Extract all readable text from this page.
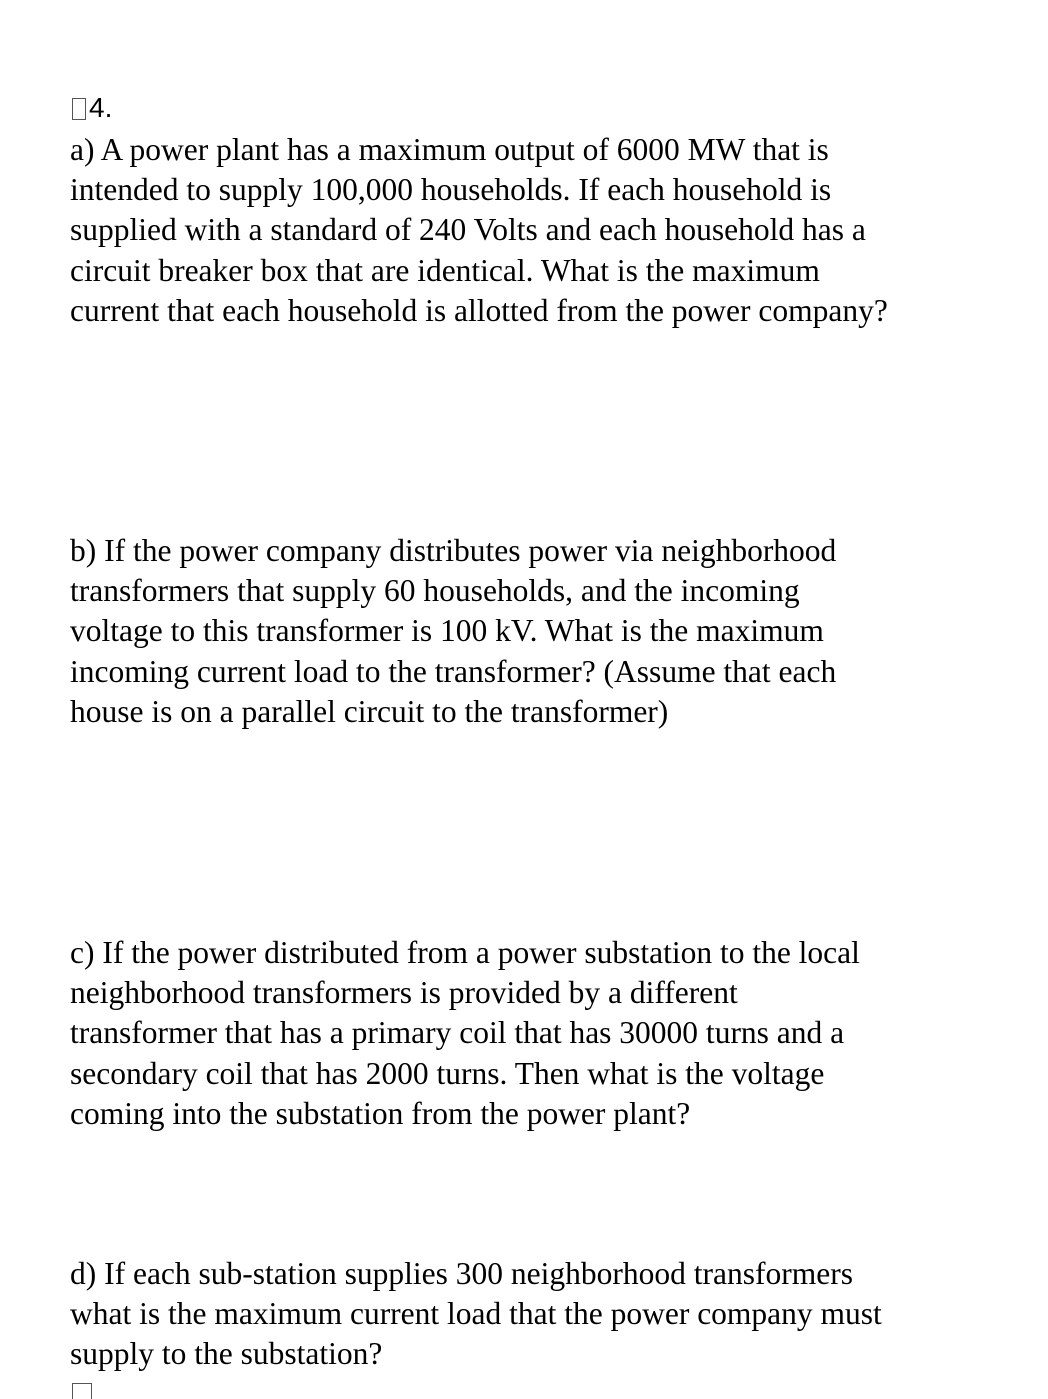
4.

a) A power plant has a maximum output of 6000 MW that is
intended to supply 100,000 households. If each household is
supplied with a standard of 240 Volts and each household has a
circuit breaker box that are identical. What is the maximum
current that each household is allotted from the power company?

b) If the power company distributes power via neighborhood
transformers that supply 60 households, and the incoming
voltage to this transformer is 100 kV. What is the maximum
incoming current load to the transformer? (Assume that each
house is on a parallel circuit to the transformer)

c) If the power distributed from a power substation to the local
neighborhood transformers is provided by a different
transformer that has a primary coil that has 30000 turns and a
secondary coil that has 2000 turns. Then what is the voltage
coming into the substation from the power plant?

d) If each sub-station supplies 300 neighborhood transformers
what is the maximum current load that the power company must
supply to the substation?
